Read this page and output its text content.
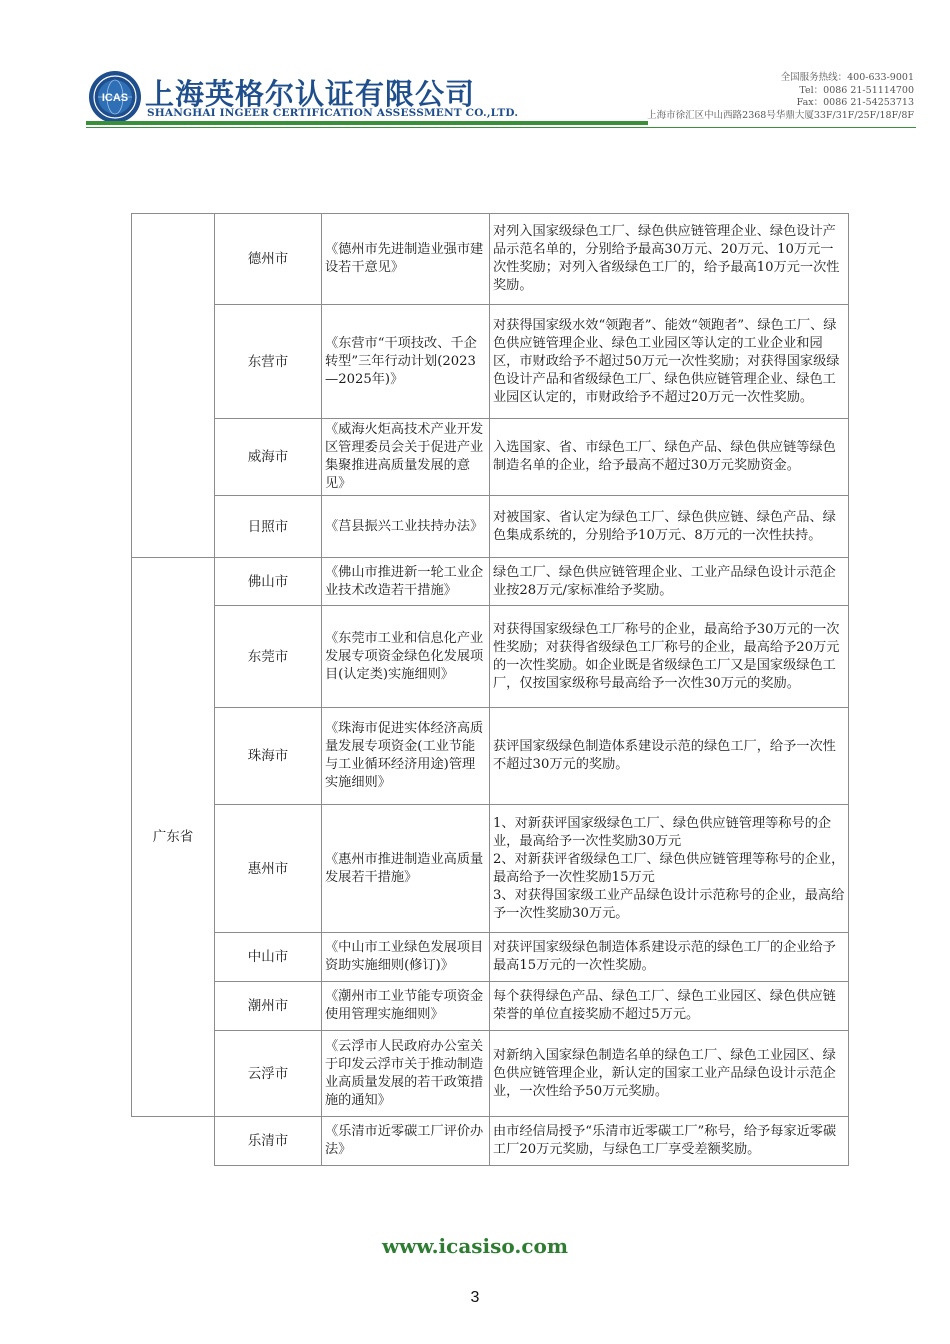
ICAS 上海英格尔认证有限公司
SHANGHAI INGEER CERTIFICATION ASSESSMENT CO.,LTD.
全国服务热线：400-633-9001
Tel：0086 21-51114700
Fax：0086 21-54253713
上海市徐汇区中山西路2368号华鼎大厦33F/31F/25F/18F/8F
	德州市	《德州市先进制造业强市建设若干意见》	对列入国家级绿色工厂、绿色供应链管理企业、绿色设计产品示范名单的，分别给予最高30万元、20万元、10万元一次性奖励；对列入省级绿色工厂的，给予最高10万元一次性奖励。
	东营市	《东营市“干项技改、千企转型”三年行动计划(2023—2025年)》	对获得国家级水效“领跑者”、能效“领跑者”、绿色工厂、绿色供应链管理企业、绿色工业园区等认定的工业企业和园区，市财政给予不超过50万元一次性奖励；对获得国家级绿色设计产品和省级绿色工厂、绿色供应链管理企业、绿色工业园区认定的，市财政给予不超过20万元一次性奖励。
	威海市	《威海火炬高技术产业开发区管理委员会关于促进产业集聚推进高质量发展的意见》	入选国家、省、市绿色工厂、绿色产品、绿色供应链等绿色制造名单的企业，给予最高不超过30万元奖励资金。
	日照市	《莒县振兴工业扶持办法》	对被国家、省认定为绿色工厂、绿色供应链、绿色产品、绿色集成系统的，分别给予10万元、8万元的一次性扶持。
广东省	佛山市	《佛山市推进新一轮工业企业技术改造若干措施》	绿色工厂、绿色供应链管理企业、工业产品绿色设计示范企业按28万元/家标准给予奖励。
	东莞市	《东莞市工业和信息化产业发展专项资金绿色化发展项目(认定类)实施细则》	对获得国家级绿色工厂称号的企业，最高给予30万元的一次性奖励；对获得省级绿色工厂称号的企业，最高给予20万元的一次性奖励。如企业既是省级绿色工厂又是国家级绿色工厂，仅按国家级称号最高给予一次性30万元的奖励。
	珠海市	《珠海市促进实体经济高质量发展专项资金(工业节能与工业循环经济用途)管理实施细则》	获评国家级绿色制造体系建设示范的绿色工厂，给予一次性不超过30万元的奖励。
	惠州市	《惠州市推进制造业高质量发展若干措施》	1、对新获评国家级绿色工厂、绿色供应链管理等称号的企业，最高给予一次性奖励30万元
2、对新获评省级绿色工厂、绿色供应链管理等称号的企业，最高给予一次性奖励15万元
3、对获得国家级工业产品绿色设计示范称号的企业，最高给予一次性奖励30万元。
	中山市	《中山市工业绿色发展项目资助实施细则(修订)》	对获评国家级绿色制造体系建设示范的绿色工厂的企业给予最高15万元的一次性奖励。
	潮州市	《潮州市工业节能专项资金使用管理实施细则》	每个获得绿色产品、绿色工厂、绿色工业园区、绿色供应链荣誉的单位直接奖励不超过5万元。
	云浮市	《云浮市人民政府办公室关于印发云浮市关于推动制造业高质量发展的若干政策措施的通知》	对新纳入国家绿色制造名单的绿色工厂、绿色工业园区、绿色供应链管理企业，新认定的国家工业产品绿色设计示范企业，一次性给予50万元奖励。
	乐清市	《乐清市近零碳工厂评价办法》	由市经信局授予“乐清市近零碳工厂”称号，给予每家近零碳工厂20万元奖励，与绿色工厂享受差额奖励。
www.icasiso.com
3
